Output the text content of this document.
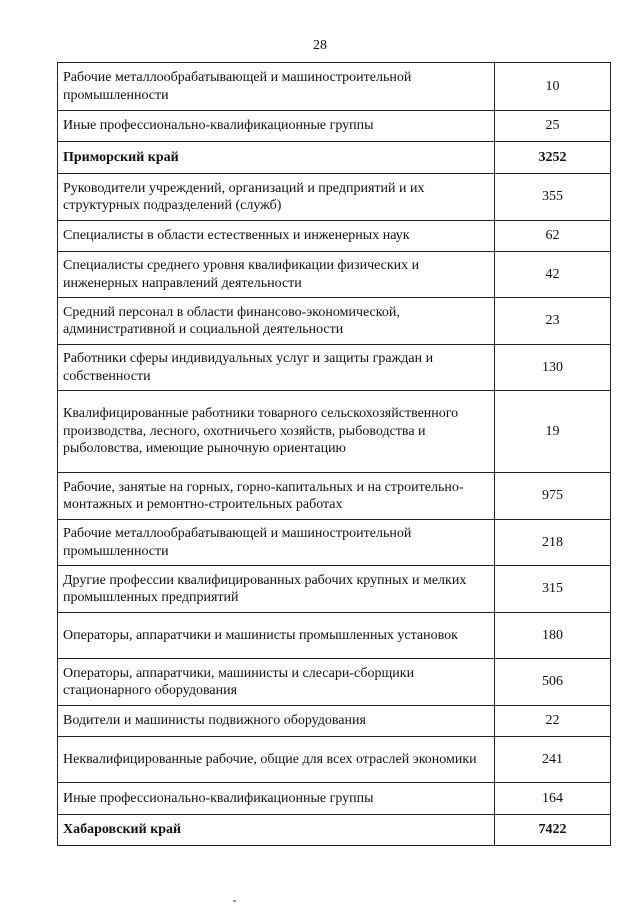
28
Рабочие металлообрабатывающей и машиностроительной промышленности	10
Иные профессионально-квалификационные группы	25
Приморский край	3252
Руководители учреждений, организаций и предприятий и их структурных подразделений (служб)	355
Специалисты в области естественных и инженерных наук	62
Специалисты среднего уровня квалификации физических и инженерных направлений деятельности	42
Средний персонал в области финансово-экономической, административной и социальной деятельности	23
Работники сферы индивидуальных услуг и защиты граждан и собственности	130
Квалифицированные работники товарного сельскохозяйственного производства, лесного, охотничьего хозяйств, рыбоводства и рыболовства, имеющие рыночную ориентацию	19
Рабочие, занятые на горных, горно-капитальных и на строительно-монтажных и ремонтно-строительных работах	975
Рабочие металлообрабатывающей и машиностроительной промышленности	218
Другие профессии квалифицированных рабочих крупных и мелких промышленных предприятий	315
Операторы, аппаратчики и машинисты промышленных установок	180
Операторы, аппаратчики, машинисты и слесари-сборщики стационарного оборудования	506
Водители и машинисты подвижного оборудования	22
Неквалифицированные рабочие, общие для всех отраслей экономики	241
Иные профессионально-квалификационные группы	164
Хабаровский край	7422
